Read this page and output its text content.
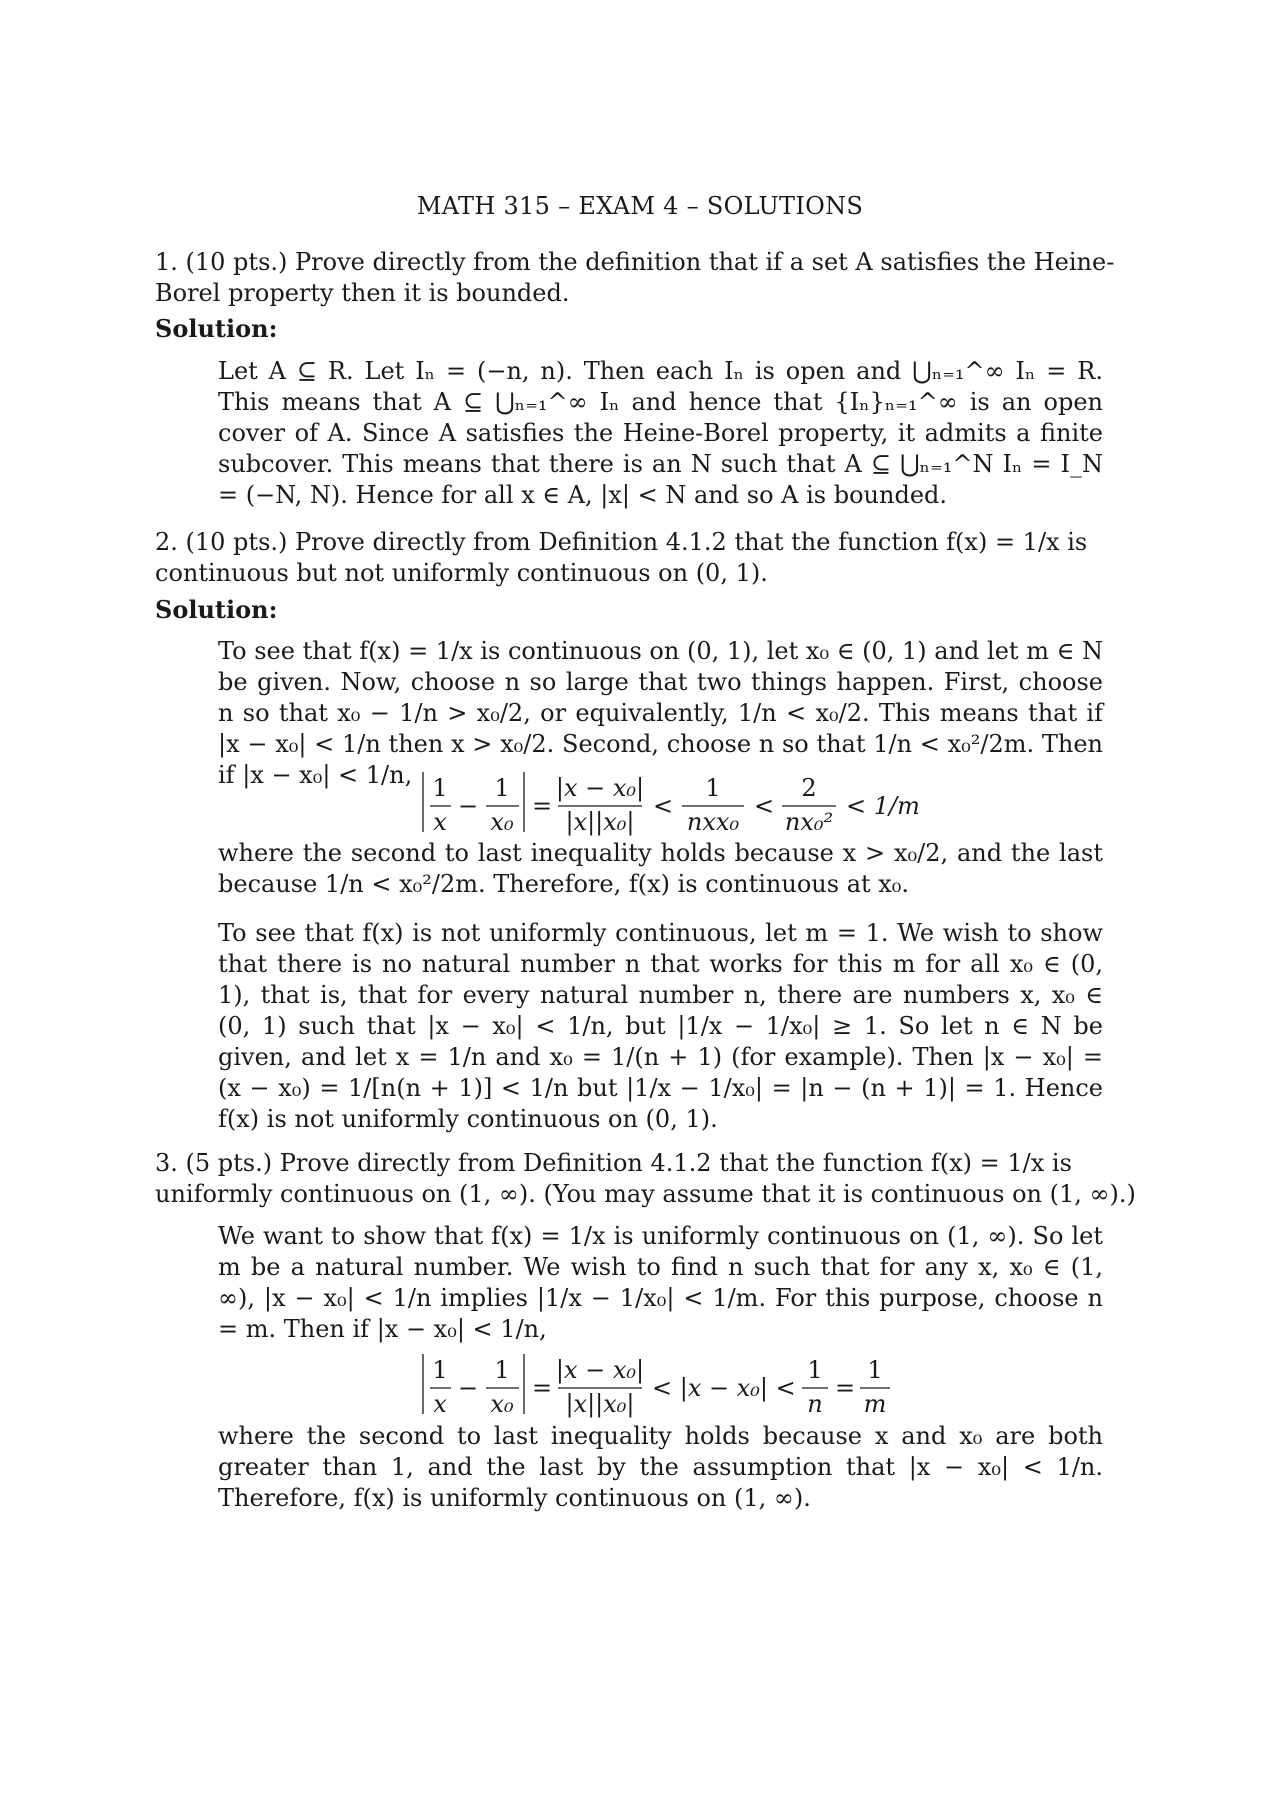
MATH 315 – EXAM 4 – SOLUTIONS
1. (10 pts.) Prove directly from the definition that if a set A satisfies the Heine-Borel property then it is bounded.
Solution:
Let A ⊆ R. Let Iₙ = (−n, n). Then each Iₙ is open and ⋃ₙ₌₁^∞ Iₙ = R. This means that A ⊆ ⋃ₙ₌₁^∞ Iₙ and hence that {Iₙ}ₙ₌₁^∞ is an open cover of A. Since A satisfies the Heine-Borel property, it admits a finite subcover. This means that there is an N such that A ⊆ ⋃ₙ₌₁^N Iₙ = I_N = (−N, N). Hence for all x ∈ A, |x| < N and so A is bounded.
2. (10 pts.) Prove directly from Definition 4.1.2 that the function f(x) = 1/x is continuous but not uniformly continuous on (0, 1).
Solution:
To see that f(x) = 1/x is continuous on (0, 1), let x₀ ∈ (0, 1) and let m ∈ N be given. Now, choose n so large that two things happen. First, choose n so that x₀ − 1/n > x₀/2, or equivalently, 1/n < x₀/2. This means that if |x − x₀| < 1/n then x > x₀/2. Second, choose n so that 1/n < x₀²/2m. Then if |x − x₀| < 1/n, 1
x
−
1
x₀
=
|x − x₀|
|x||x₀|
<
1
nxx₀
<
2
nx₀²
< 1/m
where the second to last inequality holds because x > x₀/2, and the last because 1/n < x₀²/2m. Therefore, f(x) is continuous at x₀.
To see that f(x) is not uniformly continuous, let m = 1. We wish to show that there is no natural number n that works for this m for all x₀ ∈ (0, 1), that is, that for every natural number n, there are numbers x, x₀ ∈ (0, 1) such that |x − x₀| < 1/n, but |1/x − 1/x₀| ≥ 1. So let n ∈ N be given, and let x = 1/n and x₀ = 1/(n + 1) (for example). Then |x − x₀| = (x − x₀) = 1/[n(n + 1)] < 1/n but |1/x − 1/x₀| = |n − (n + 1)| = 1. Hence f(x) is not uniformly continuous on (0, 1).
3. (5 pts.) Prove directly from Definition 4.1.2 that the function f(x) = 1/x is uniformly continuous on (1, ∞). (You may assume that it is continuous on (1, ∞).)
We want to show that f(x) = 1/x is uniformly continuous on (1, ∞). So let m be a natural number. We wish to find n such that for any x, x₀ ∈ (1, ∞), |x − x₀| < 1/n implies |1/x − 1/x₀| < 1/m. For this purpose, choose n = m. Then if |x − x₀| < 1/n,
1
x
−
1
x₀
=
|x − x₀|
|x||x₀|
< |x − x₀| <
1
n
=
1
m
where the second to last inequality holds because x and x₀ are both greater than 1, and the last by the assumption that |x − x₀| < 1/n. Therefore, f(x) is uniformly continuous on (1, ∞).
